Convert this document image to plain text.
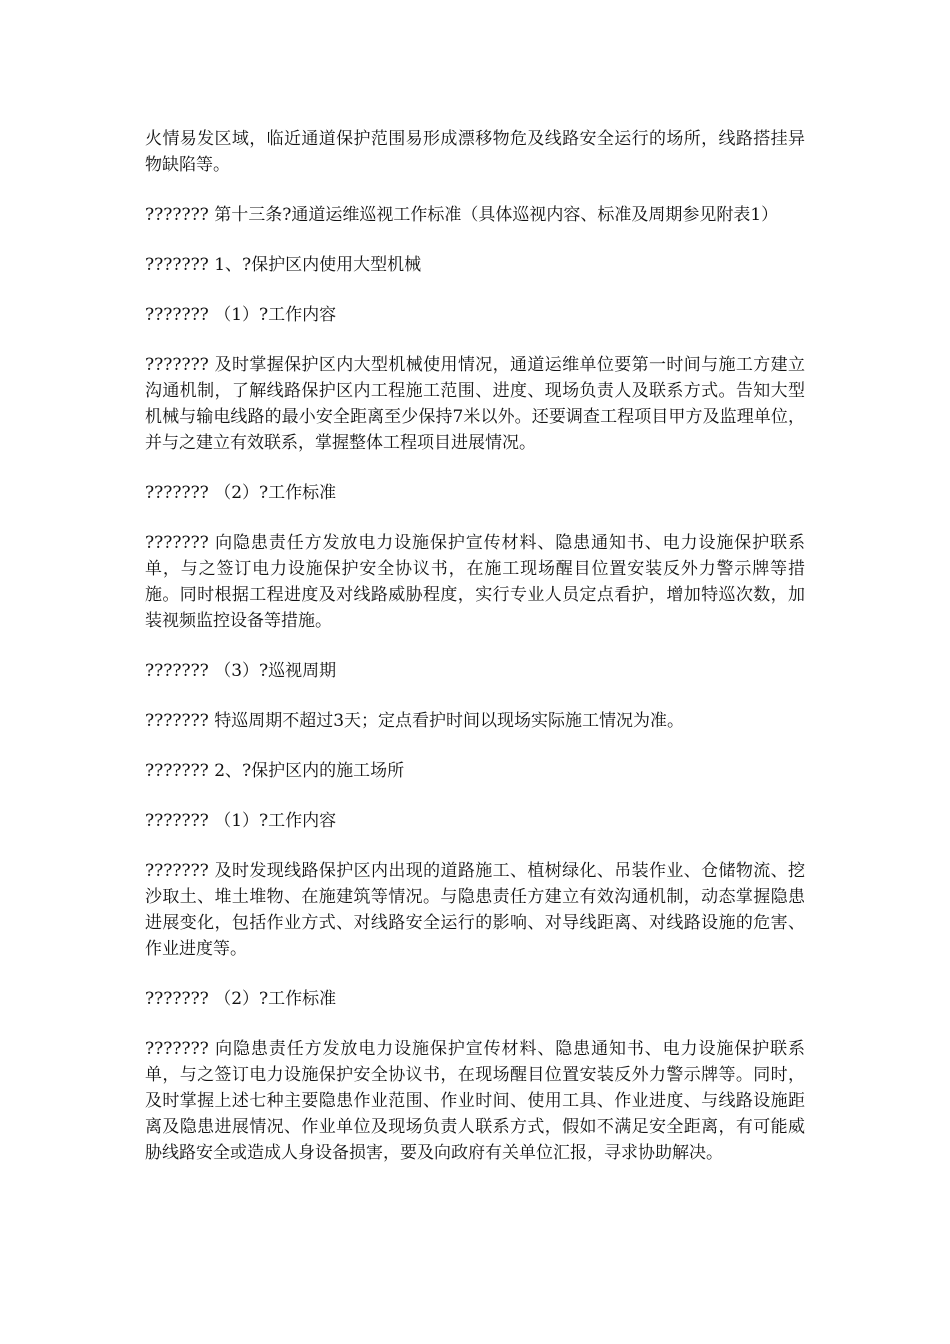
火情易发区域，临近通道保护范围易形成漂移物危及线路安全运行的场所，线路搭挂异物缺陷等。

??????? 第十三条?通道运维巡视工作标准（具体巡视内容、标准及周期参见附表1）

??????? 1、?保护区内使用大型机械

??????? （1）?工作内容

??????? 及时掌握保护区内大型机械使用情况，通道运维单位要第一时间与施工方建立沟通机制，了解线路保护区内工程施工范围、进度、现场负责人及联系方式。告知大型机械与输电线路的最小安全距离至少保持7米以外。还要调查工程项目甲方及监理单位，并与之建立有效联系，掌握整体工程项目进展情况。

??????? （2）?工作标准

??????? 向隐患责任方发放电力设施保护宣传材料、隐患通知书、电力设施保护联系单，与之签订电力设施保护安全协议书，在施工现场醒目位置安装反外力警示牌等措施。同时根据工程进度及对线路威胁程度，实行专业人员定点看护，增加特巡次数，加装视频监控设备等措施。

??????? （3）?巡视周期

??????? 特巡周期不超过3天；定点看护时间以现场实际施工情况为准。

??????? 2、?保护区内的施工场所

??????? （1）?工作内容

??????? 及时发现线路保护区内出现的道路施工、植树绿化、吊装作业、仓储物流、挖沙取土、堆土堆物、在施建筑等情况。与隐患责任方建立有效沟通机制，动态掌握隐患进展变化，包括作业方式、对线路安全运行的影响、对导线距离、对线路设施的危害、作业进度等。

??????? （2）?工作标准

??????? 向隐患责任方发放电力设施保护宣传材料、隐患通知书、电力设施保护联系单，与之签订电力设施保护安全协议书，在现场醒目位置安装反外力警示牌等。同时，及时掌握上述七种主要隐患作业范围、作业时间、使用工具、作业进度、与线路设施距离及隐患进展情况、作业单位及现场负责人联系方式，假如不满足安全距离，有可能威胁线路安全或造成人身设备损害，要及向政府有关单位汇报，寻求协助解决。
